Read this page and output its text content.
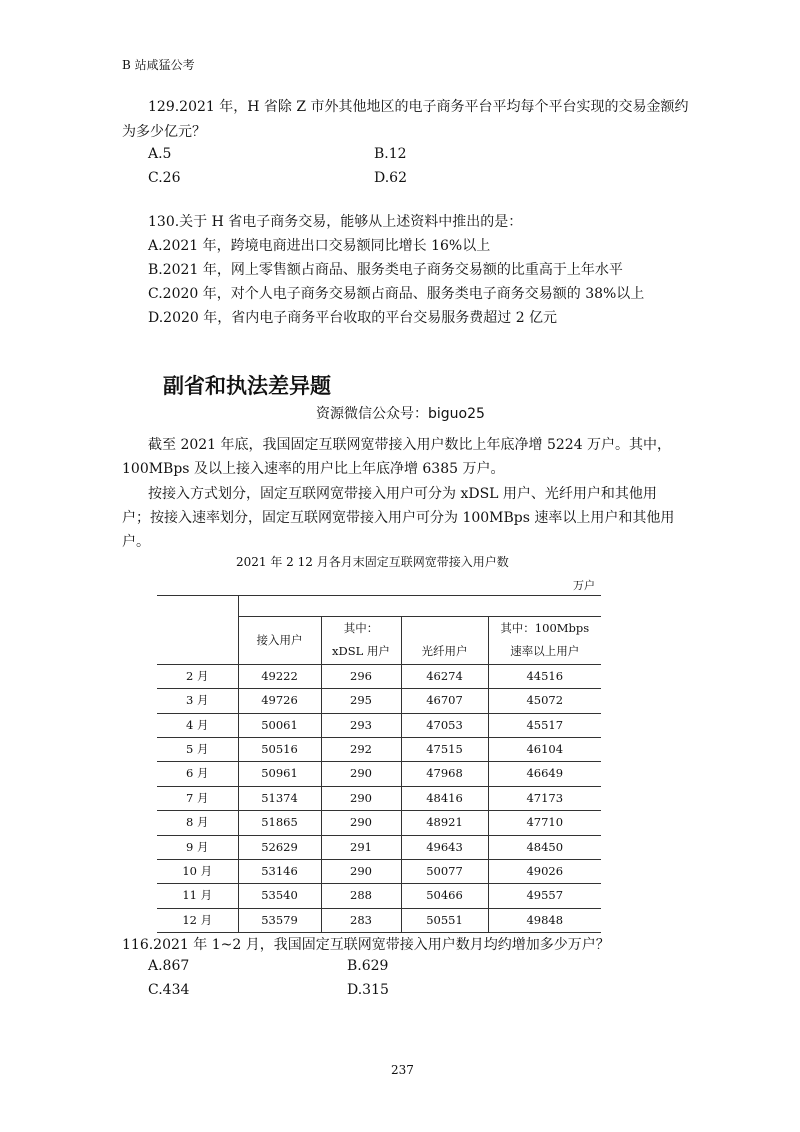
B 站咸猛公考
129.2021 年，H 省除 Z 市外其他地区的电子商务平台平均每个平台实现的交易金额约
为多少亿元？
A.5	B.12
C.26	D.62
130.关于 H 省电子商务交易，能够从上述资料中推出的是：
A.2021 年，跨境电商进出口交易额同比增长 16%以上
B.2021 年，网上零售额占商品、服务类电子商务交易额的比重高于上年水平
C.2020 年，对个人电子商务交易额占商品、服务类电子商务交易额的 38%以上
D.2020 年，省内电子商务平台收取的平台交易服务费超过 2 亿元
副省和执法差异题
资源微信公众号：biguo25
截至 2021 年底，我国固定互联网宽带接入用户数比上年底净增 5224 万户。其中，
100MBps 及以上接入速率的用户比上年底净增 6385 万户。
按接入方式划分，固定互联网宽带接入用户可分为 xDSL 用户、光纤用户和其他用
户；按接入速率划分，固定互联网宽带接入用户可分为 100MBps 速率以上用户和其他用
户。
2021 年 2 12 月各月末固定互联网宽带接入用户数
万户

	接入用户	其中：	光纤用户	其中：100Mbps
		xDSL 用户		速率以上用户
2 月	49222	296	46274	44516
3 月	49726	295	46707	45072
4 月	50061	293	47053	45517
5 月	50516	292	47515	46104
6 月	50961	290	47968	46649
7 月	51374	290	48416	47173
8 月	51865	290	48921	47710
9 月	52629	291	49643	48450
10 月	53146	290	50077	49026
11 月	53540	288	50466	49557
12 月	53579	283	50551	49848
116.2021 年 1~2 月，我国固定互联网宽带接入用户数月均约增加多少万户？
A.867	B.629
C.434	D.315
237
